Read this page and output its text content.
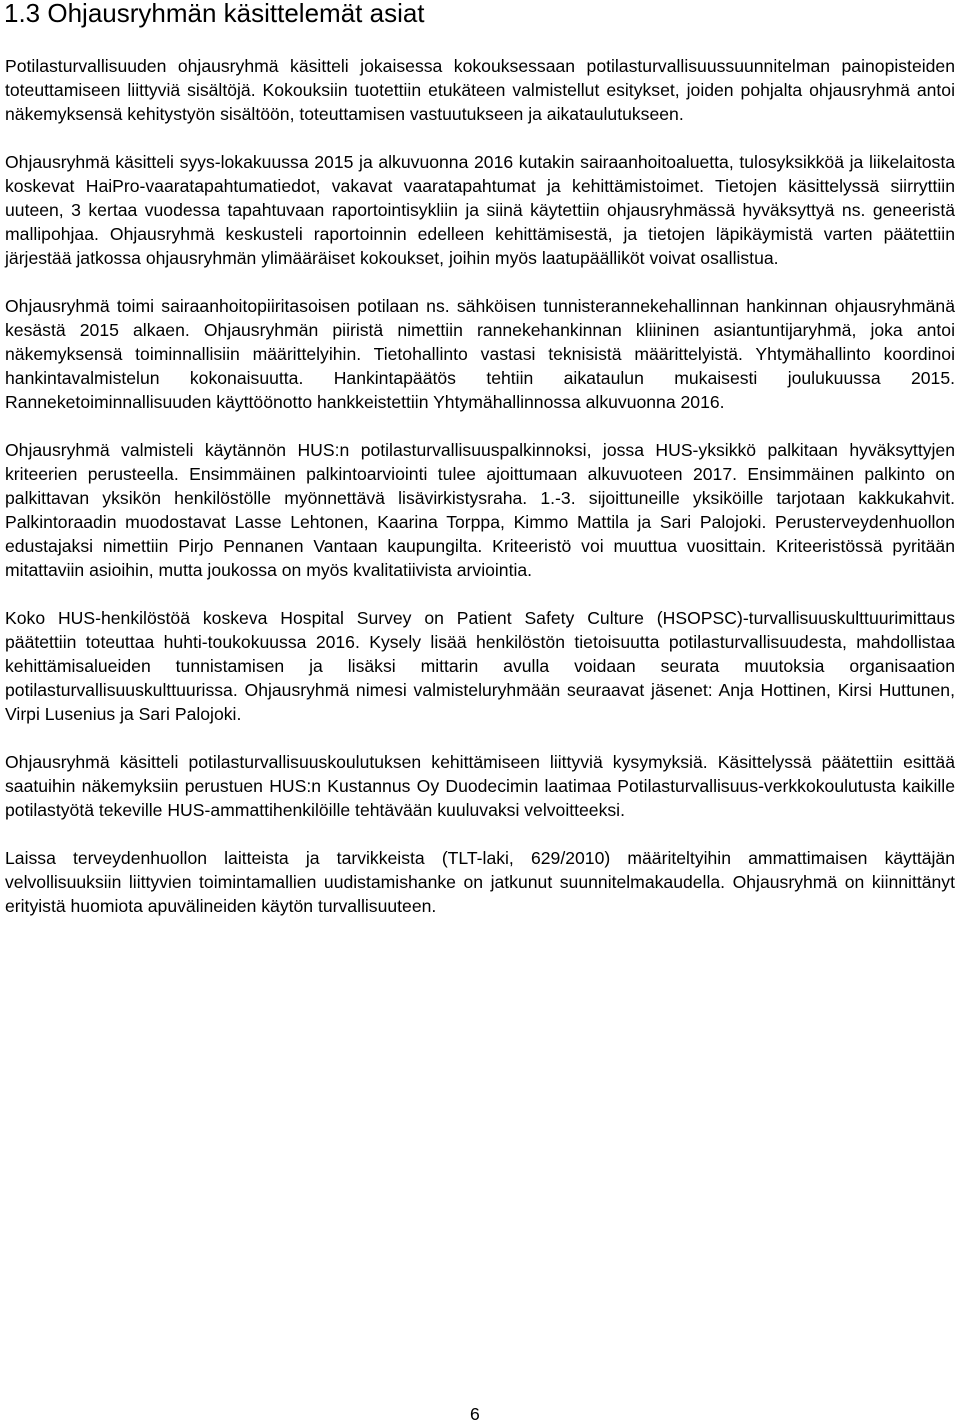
1.3 Ohjausryhmän käsittelemät asiat

Potilasturvallisuuden ohjausryhmä käsitteli jokaisessa kokouksessaan potilasturvallisuussuunnitelman painopisteiden toteuttamiseen liittyviä sisältöjä. Kokouksiin tuotettiin etukäteen valmistellut esitykset, joiden pohjalta ohjausryhmä antoi näkemyksensä kehitystyön sisältöön, toteuttamisen vastuutukseen ja aikataulutukseen.

Ohjausryhmä käsitteli syys-lokakuussa 2015 ja alkuvuonna 2016 kutakin sairaanhoitoaluetta, tulosyksikköä ja liikelaitosta koskevat HaiPro-vaaratapahtumatiedot, vakavat vaaratapahtumat ja kehittämistoimet. Tietojen käsittelyssä siirryttiin uuteen, 3 kertaa vuodessa tapahtuvaan raportointisykliin ja siinä käytettiin ohjausryhmässä hyväksyttyä ns. geneeristä mallipohjaa. Ohjausryhmä keskusteli raportoinnin edelleen kehittämisestä, ja tietojen läpikäymistä varten päätettiin järjestää jatkossa ohjausryhmän ylimääräiset kokoukset, joihin myös laatupäälliköt voivat osallistua.

Ohjausryhmä toimi sairaanhoitopiiritasoisen potilaan ns. sähköisen tunnisterannekehallinnan hankinnan ohjausryhmänä kesästä 2015 alkaen. Ohjausryhmän piiristä nimettiin rannekehankinnan kliininen asiantuntijaryhmä, joka antoi näkemyksensä toiminnallisiin määrittelyihin. Tietohallinto vastasi teknisistä määrittelyistä. Yhtymähallinto koordinoi hankintavalmistelun kokonaisuutta. Hankintapäätös tehtiin aikataulun mukaisesti joulukuussa 2015. Ranneketoiminnallisuuden käyttöönotto hankkeistettiin Yhtymähallinnossa alkuvuonna 2016.

Ohjausryhmä valmisteli käytännön HUS:n potilasturvallisuuspalkinnoksi, jossa HUS-yksikkö palkitaan hyväksyttyjen kriteerien perusteella. Ensimmäinen palkintoarviointi tulee ajoittumaan alkuvuoteen 2017. Ensimmäinen palkinto on palkittavan yksikön henkilöstölle myönnettävä lisävirkistysraha. 1.-3. sijoittuneille yksiköille tarjotaan kakkukahvit. Palkintoraadin muodostavat Lasse Lehtonen, Kaarina Torppa, Kimmo Mattila ja Sari Palojoki. Perusterveydenhuollon edustajaksi nimettiin Pirjo Pennanen Vantaan kaupungilta. Kriteeristö voi muuttua vuosittain. Kriteeristössä pyritään mitattaviin asioihin, mutta joukossa on myös kvalitatiivista arviointia.

Koko HUS-henkilöstöä koskeva Hospital Survey on Patient Safety Culture (HSOPSC)-turvallisuuskulttuurimittaus päätettiin toteuttaa huhti-toukokuussa 2016. Kysely lisää henkilöstön tietoisuutta potilasturvallisuudesta, mahdollistaa kehittämisalueiden tunnistamisen ja lisäksi mittarin avulla voidaan seurata muutoksia organisaation potilasturvallisuuskulttuurissa. Ohjausryhmä nimesi valmisteluryhmään seuraavat jäsenet: Anja Hottinen, Kirsi Huttunen, Virpi Lusenius ja Sari Palojoki.

Ohjausryhmä käsitteli potilasturvallisuuskoulutuksen kehittämiseen liittyviä kysymyksiä. Käsittelyssä päätettiin esittää saatuihin näkemyksiin perustuen HUS:n Kustannus Oy Duodecimin laatimaa Potilasturvallisuus-verkkokoulutusta kaikille potilastyötä tekeville HUS-ammattihenkilöille tehtävään kuuluvaksi velvoitteeksi.

Laissa terveydenhuollon laitteista ja tarvikkeista (TLT-laki, 629/2010) määriteltyihin ammattimaisen käyttäjän velvollisuuksiin liittyvien toimintamallien uudistamishanke on jatkunut suunnitelmakaudella. Ohjausryhmä on kiinnittänyt erityistä huomiota apuvälineiden käytön turvallisuuteen.

6
